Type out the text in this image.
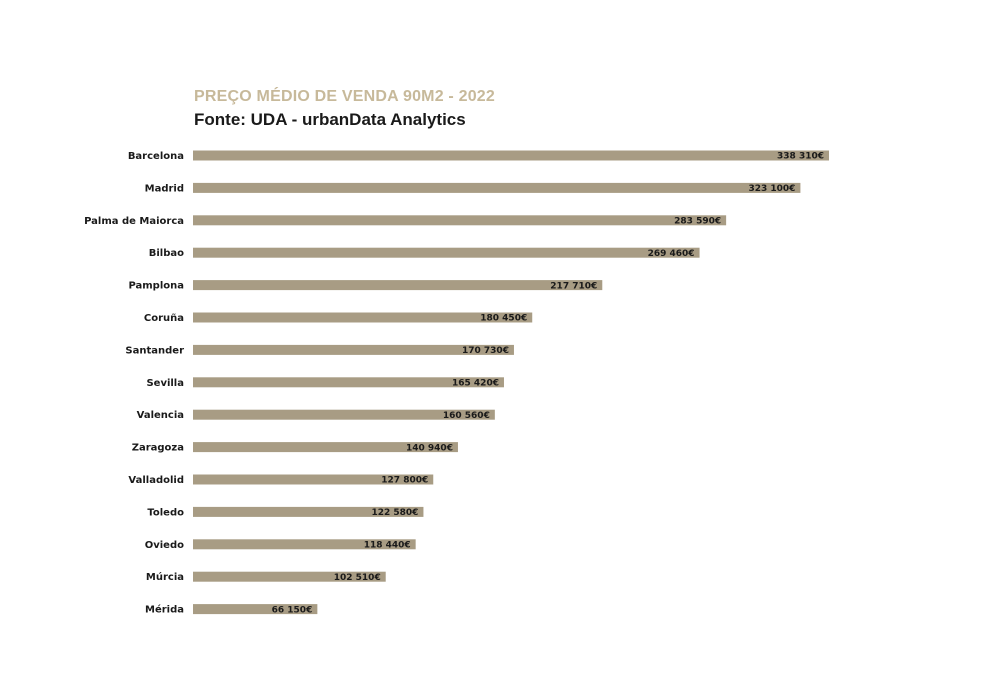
PREÇO MÉDIO DE VENDA 90M2 - 2022
Fonte: UDA - urbanData Analytics
Barcelona	338 310€
Madrid	323 100€
Palma de Maiorca	283 590€
Bilbao	269 460€
Pamplona	217 710€
Coruña	180 450€
Santander	170 730€
Sevilla	165 420€
Valencia	160 560€
Zaragoza	140 940€
Valladolid	127 800€
Toledo	122 580€
Oviedo	118 440€
Múrcia	102 510€
Mérida	66 150€
